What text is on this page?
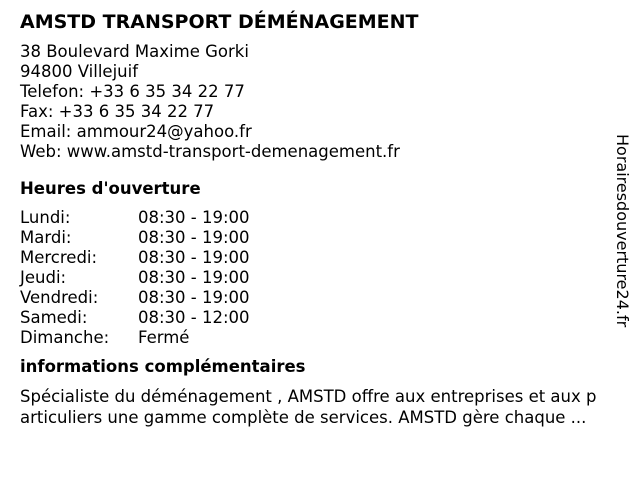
AMSTD TRANSPORT DÉMÉNAGEMENT
38 Boulevard Maxime Gorki
94800 Villejuif
Telefon: +33 6 35 34 22 77
Fax: +33 6 35 34 22 77
Email: ammour24@yahoo.fr
Web: www.amstd-transport-demenagement.fr
Heures d'ouverture
Lundi:	08:30 - 19:00
Mardi:	08:30 - 19:00
Mercredi:	08:30 - 19:00
Jeudi:	08:30 - 19:00
Vendredi:	08:30 - 19:00
Samedi:	08:30 - 12:00
Dimanche:	Fermé
informations complémentaires
Spécialiste du déménagement , AMSTD offre aux entreprises et aux p
articuliers une gamme complète de services. AMSTD gère chaque ...
Horairesdouverture24.fr
